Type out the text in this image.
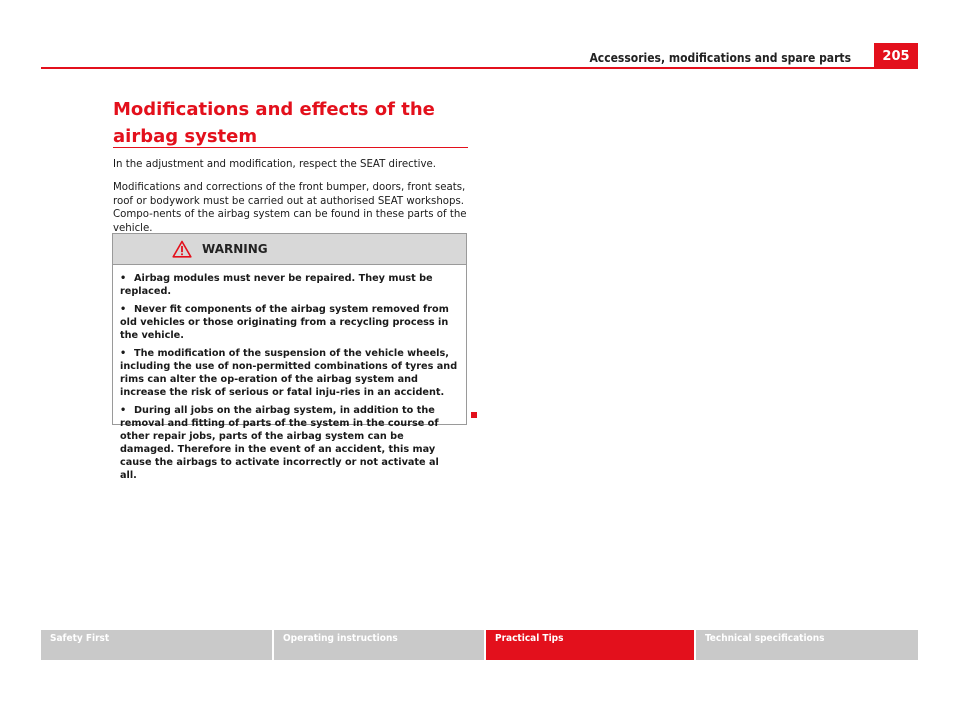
Accessories, modifications and spare parts	205
Modifications and effects of the airbag system

In the adjustment and modification, respect the SEAT directive.

Modifications and corrections of the front bumper, doors, front seats, roof or bodywork must be carried out at authorised SEAT workshops. Compo-nents of the airbag system can be found in these parts of the vehicle.

WARNING

• Airbag modules must never be repaired. They must be replaced.

• Never fit components of the airbag system removed from old vehicles or those originating from a recycling process in the vehicle.

• The modification of the suspension of the vehicle wheels, including the use of non-permitted combinations of tyres and rims can alter the op-eration of the airbag system and increase the risk of serious or fatal inju-ries in an accident.

• During all jobs on the airbag system, in addition to the removal and fitting of parts of the system in the course of other repair jobs, parts of the airbag system can be damaged. Therefore in the event of an accident, this may cause the airbags to activate incorrectly or not activate al all.

Safety First	Operating instructions	Practical Tips	Technical specifications
